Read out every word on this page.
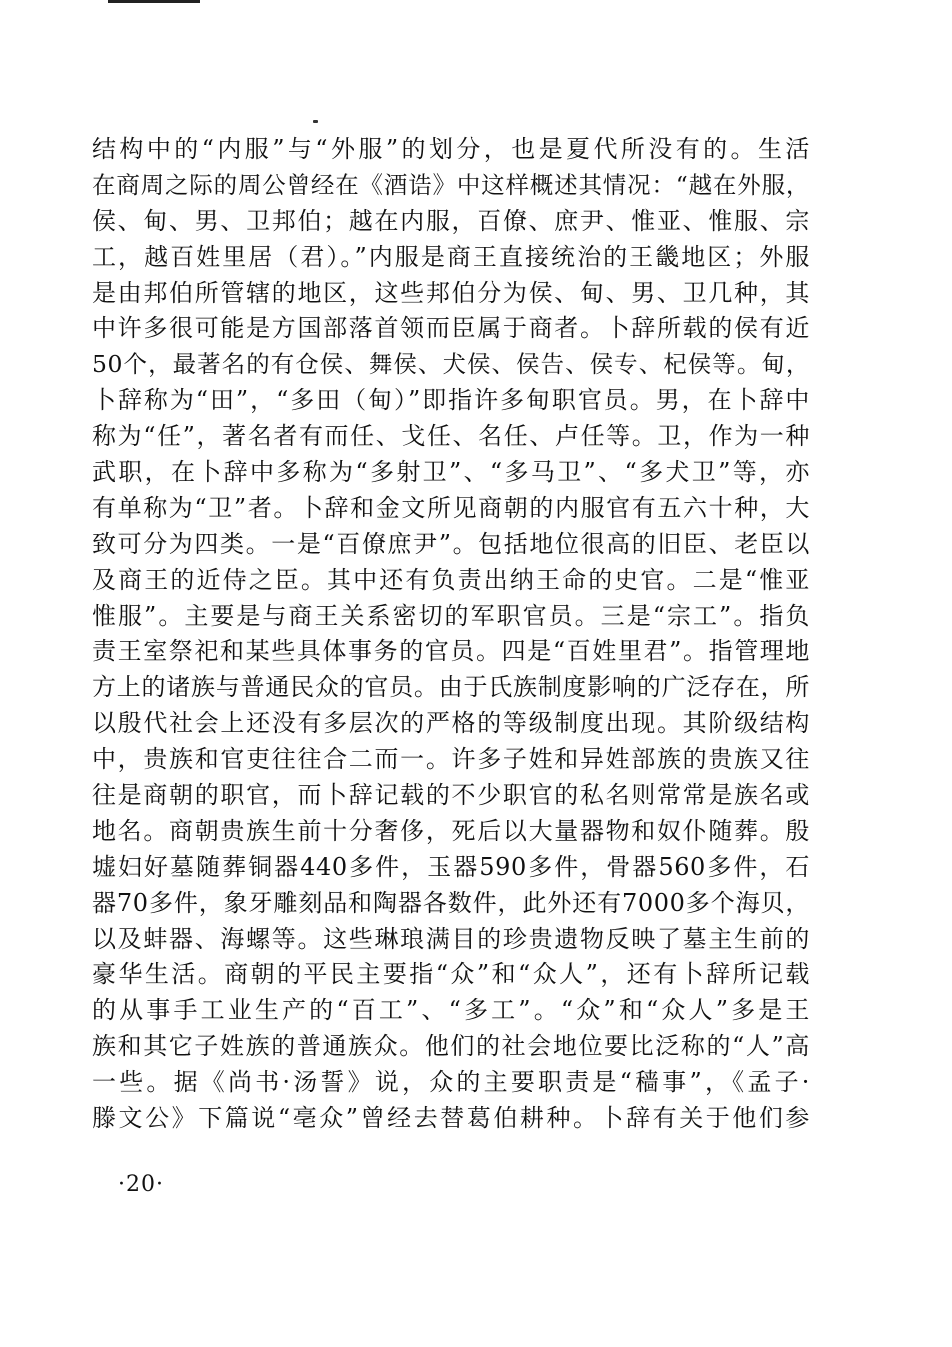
结构中的“内服”与“外服”的划分，也是夏代所没有的。生活
在商周之际的周公曾经在《酒诰》中这样概述其情况：“越在外服，
侯、甸、男、卫邦伯；越在内服，百僚、庶尹、惟亚、惟服、宗
工，越百姓里居（君）。”内服是商王直接统治的王畿地区；外服
是由邦伯所管辖的地区，这些邦伯分为侯、甸、男、卫几种，其
中许多很可能是方国部落首领而臣属于商者。卜辞所载的侯有近
50个，最著名的有仓侯、舞侯、犬侯、侯告、侯专、杞侯等。甸，
卜辞称为“田”，“多田（甸）”即指许多甸职官员。男，在卜辞中
称为“任”，著名者有而任、戈任、名任、卢任等。卫，作为一种
武职，在卜辞中多称为“多射卫”、“多马卫”、“多犬卫”等，亦
有单称为“卫”者。卜辞和金文所见商朝的内服官有五六十种，大
致可分为四类。一是“百僚庶尹”。包括地位很高的旧臣、老臣以
及商王的近侍之臣。其中还有负责出纳王命的史官。二是“惟亚
惟服”。主要是与商王关系密切的军职官员。三是“宗工”。指负
责王室祭祀和某些具体事务的官员。四是“百姓里君”。指管理地
方上的诸族与普通民众的官员。由于氏族制度影响的广泛存在，所
以殷代社会上还没有多层次的严格的等级制度出现。其阶级结构
中，贵族和官吏往往合二而一。许多子姓和异姓部族的贵族又往
往是商朝的职官，而卜辞记载的不少职官的私名则常常是族名或
地名。商朝贵族生前十分奢侈，死后以大量器物和奴仆随葬。殷
墟妇好墓随葬铜器440多件，玉器590多件，骨器560多件，石
器70多件，象牙雕刻品和陶器各数件，此外还有7000多个海贝，
以及蚌器、海螺等。这些琳琅满目的珍贵遗物反映了墓主生前的
豪华生活。商朝的平民主要指“众”和“众人”，还有卜辞所记载
的从事手工业生产的“百工”、“多工”。“众”和“众人”多是王
族和其它子姓族的普通族众。他们的社会地位要比泛称的“人”高
一些。据《尚书·汤誓》说，众的主要职责是“穑事”，《孟子·
滕文公》下篇说“亳众”曾经去替葛伯耕种。卜辞有关于他们参
·20·
